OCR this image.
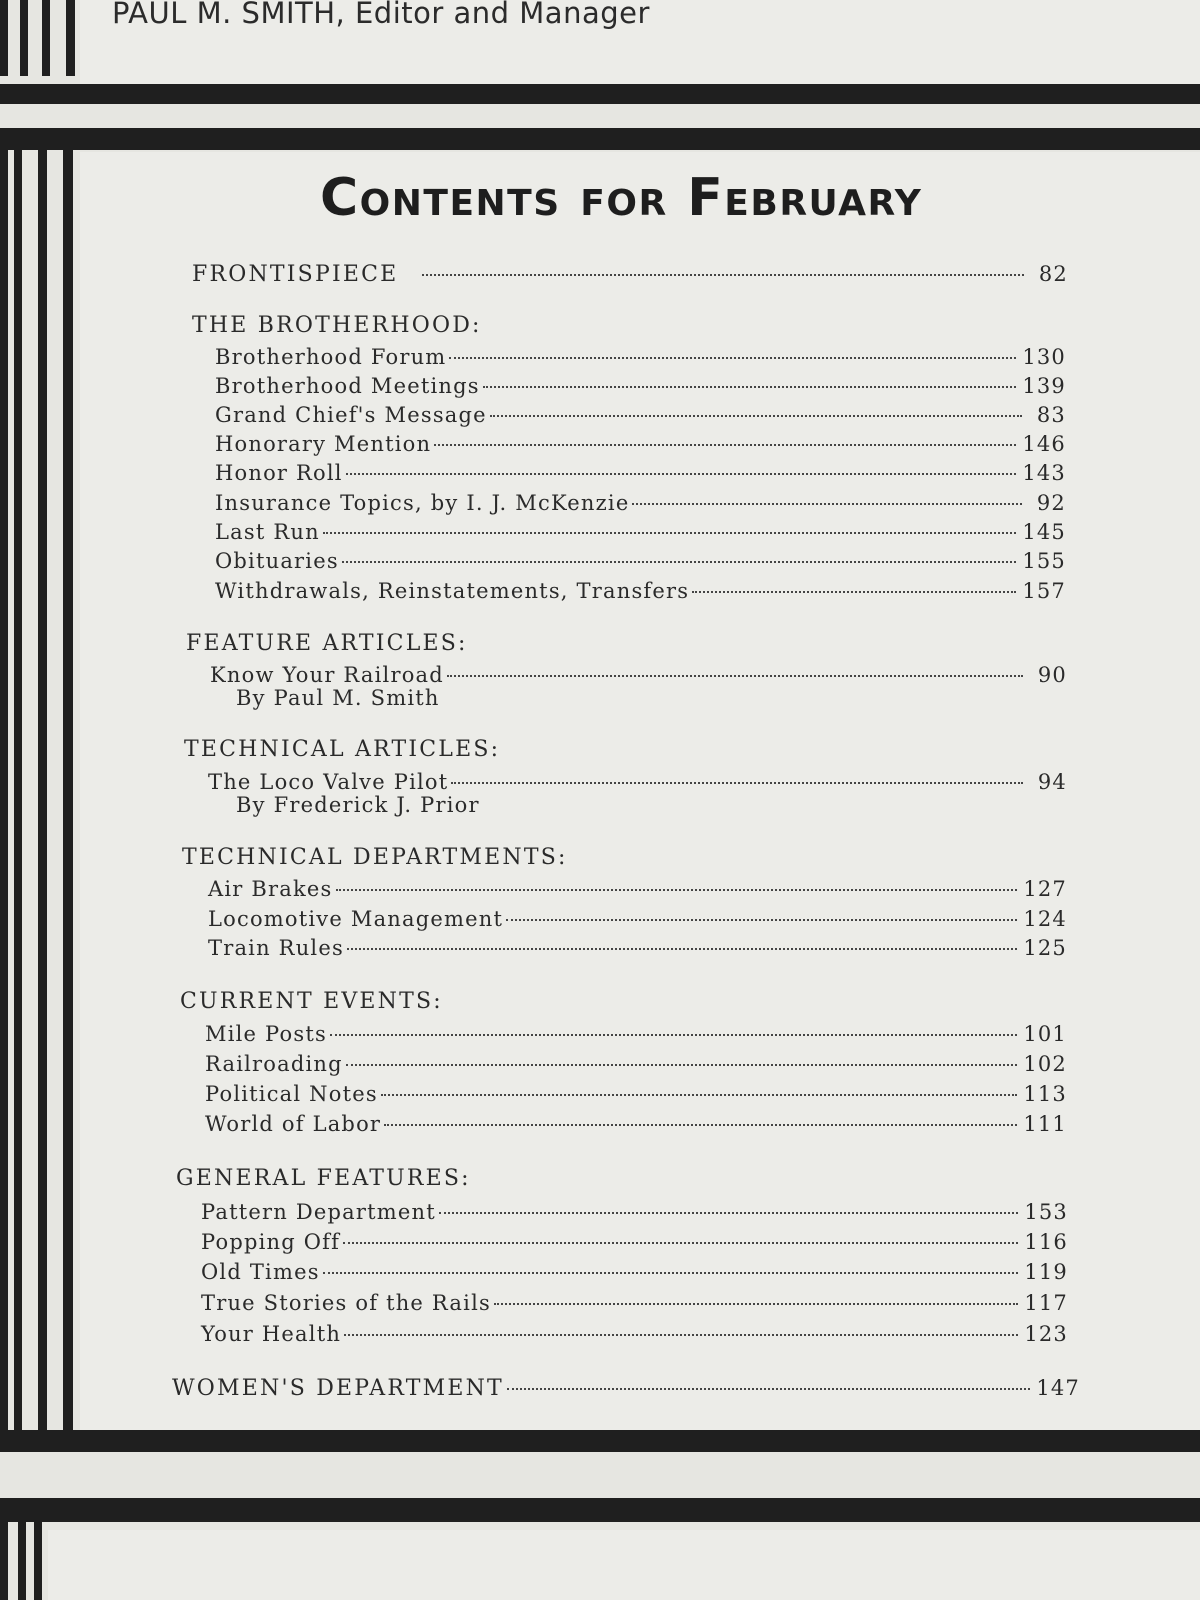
PAUL M. SMITH, Editor and Manager
Contents for February
FRONTISPIECE	82
THE BROTHERHOOD:
Brotherhood Forum	130
Brotherhood Meetings	139
Grand Chief's Message	83
Honorary Mention	146
Honor Roll	143
Insurance Topics, by I. J. McKenzie	92
Last Run	145
Obituaries	155
Withdrawals, Reinstatements, Transfers	157
FEATURE ARTICLES:
Know Your Railroad	90
By Paul M. Smith
TECHNICAL ARTICLES:
The Loco Valve Pilot	94
By Frederick J. Prior
TECHNICAL DEPARTMENTS:
Air Brakes	127
Locomotive Management	124
Train Rules	125
CURRENT EVENTS:
Mile Posts	101
Railroading	102
Political Notes	113
World of Labor	111
GENERAL FEATURES:
Pattern Department	153
Popping Off	116
Old Times	119
True Stories of the Rails	117
Your Health	123
WOMEN'S DEPARTMENT	147
